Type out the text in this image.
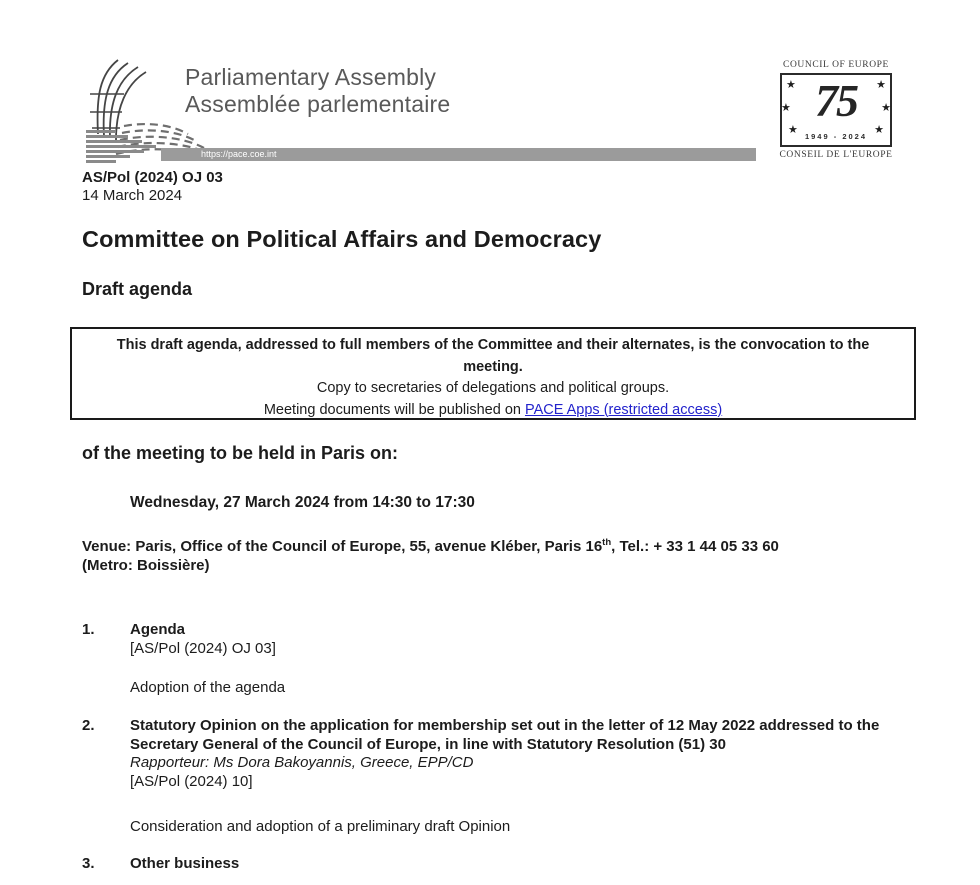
Parliamentary Assembly
Assemblée parlementaire
https://pace.coe.int
COUNCIL OF EUROPE
★
★
★
★
★
★
75
1949 - 2024
CONSEIL DE L'EUROPE
AS/Pol (2024) OJ 03
14 March 2024
Committee on Political Affairs and Democracy
Draft agenda
This draft agenda, addressed to full members of the Committee and their alternates, is the convocation to the meeting.
Copy to secretaries of delegations and political groups.
Meeting documents will be published on PACE Apps (restricted access)
of the meeting to be held in Paris on:
Wednesday, 27 March 2024 from 14:30 to 17:30
Venue: Paris, Office of the Council of Europe, 55, avenue Kléber, Paris 16th, Tel.: + 33 1 44 05 33 60
(Metro: Boissière)
1.	Agenda
[AS/Pol (2024) OJ 03]
Adoption of the agenda
2.	Statutory Opinion on the application for membership set out in the letter of 12 May 2022 addressed to the Secretary General of the Council of Europe, in line with Statutory Resolution (51) 30
Rapporteur: Ms Dora Bakoyannis, Greece, EPP/CD
[AS/Pol (2024) 10]
Consideration and adoption of a preliminary draft Opinion
3.	Other business
